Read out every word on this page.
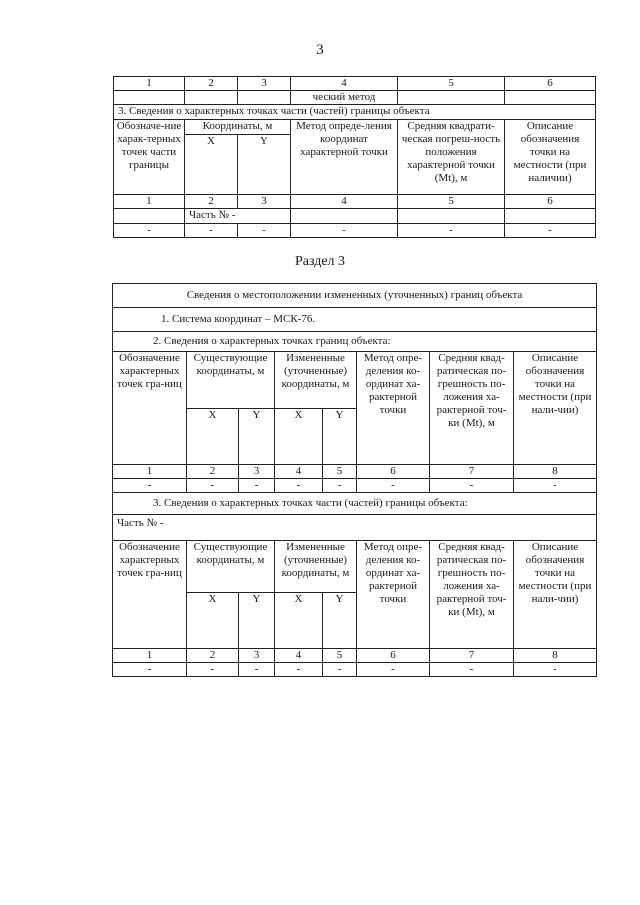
3
1	2	3	4	5	6
			ческий метод		
3. Сведения о характерных точках части (частей) границы объекта					
Обозначе-ние харак-терных точек части границы	Координаты, м		Метод опреде-ления координат характерной точки	Средняя квадрати-ческая погреш-ность положения характерной точки (Mt), м	Описание обозначения точки на местности (при наличии)
	X	Y			
1	2	3	4	5	6
	Часть № -				
-	-	-	-	-	-
Раздел 3
Сведения о местоположении измененных (уточненных) границ объекта							
1. Система координат – МСК-76.							
2. Сведения о характерных точках границ объекта:							
Обозначение характерных точек гра-ниц	Существующие координаты, м		Измененные (уточненные) координаты, м		Метод опре-деления ко-ординат ха-рактерной точки	Средняя квад-ратическая по-грешность по-ложения ха-рактерной точ-ки (Mt), м	Описание обозначения точки на местности (при нали-чии)
	X	Y	X	Y			
1	2	3	4	5	6	7	8
-	-	-	-	-	-	-	-
3. Сведения о характерных точках части (частей) границы объекта:							
Часть № -							
Обозначение характерных точек гра-ниц	Существующие координаты, м		Измененные (уточненные) координаты, м		Метод опре-деления ко-ординат ха-рактерной точки	Средняя квад-ратическая по-грешность по-ложения ха-рактерной точ-ки (Mt), м	Описание обозначения точки на местности (при нали-чии)
	X	Y	X	Y			
1	2	3	4	5	6	7	8
-	-	-	-	-	-	-	-
